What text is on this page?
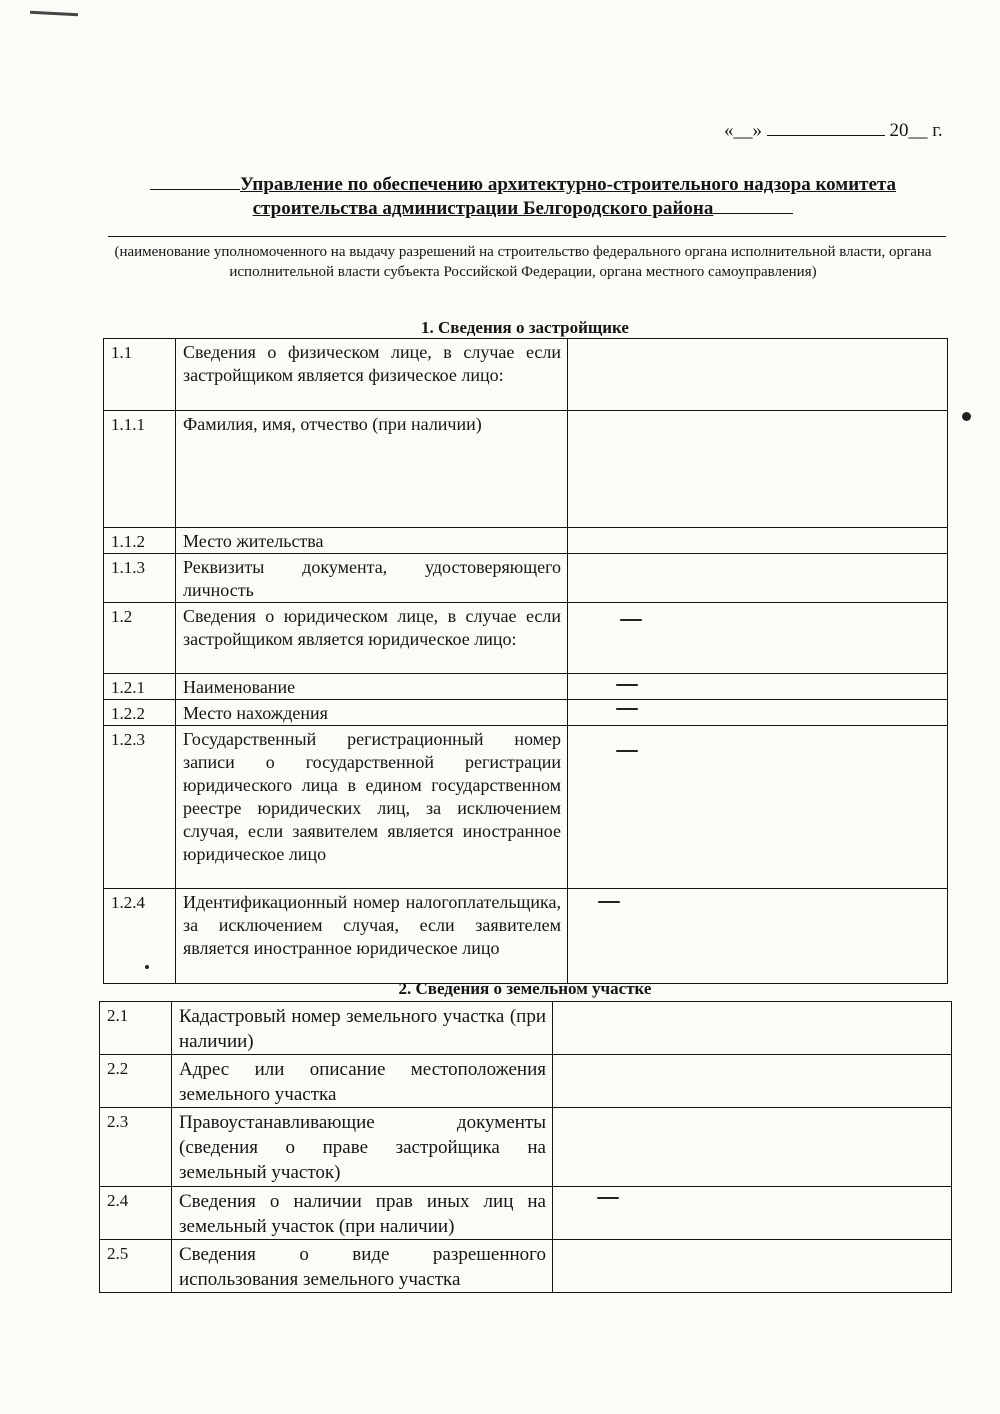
«__»	20__ г.
Управление по обеспечению архитектурно-строительного надзора комитета
строительства администрации Белгородского района
(наименование уполномоченного на выдачу разрешений на строительство федерального органа исполнительной власти, органа исполнительной власти субъекта Российской Федерации, органа местного самоуправления)
1. Сведения о застройщике
1.1	Сведения о физическом лице, в случае если застройщиком является физическое лицо:	
1.1.1	Фамилия, имя, отчество (при наличии)	
1.1.2	Место жительства	
1.1.3	Реквизиты документа, удостоверяющего личность	
1.2	Сведения о юридическом лице, в случае если застройщиком является юридическое лицо:	

1.2.1	Наименование	

1.2.2	Место нахождения	

1.2.3	Государственный регистрационный номер записи о государственной регистрации юридического лица в едином государственном реестре юридических лиц, за исключением случая, если заявителем является иностранное юридическое лицо	

1.2.4	Идентификационный номер налогоплательщика, за исключением случая, если заявителем является иностранное юридическое лицо	
2. Сведения о земельном участке
2.1	Кадастровый номер земельного участка (при наличии)	
2.2	Адрес или описание местоположения земельного участка	
2.3	Правоустанавливающие документы (сведения о праве застройщика на земельный участок)	
2.4	Сведения о наличии прав иных лиц на земельный участок (при наличии)	

2.5	Сведения о виде разрешенного использования земельного участка	
